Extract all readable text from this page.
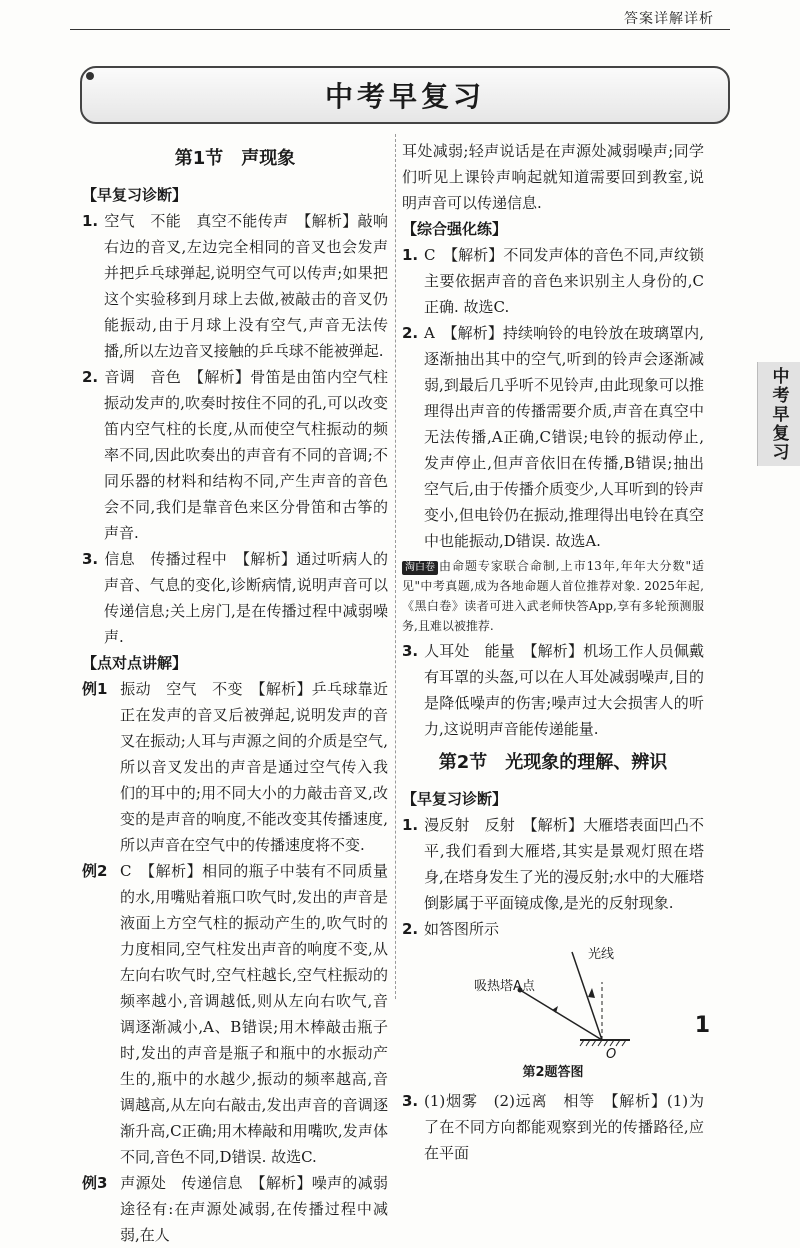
答案详解详析
中考早复习
中考早复习
第1节　声现象
【早复习诊断】
1. 空气　不能　真空不能传声　【解析】敲响右边的音叉,左边完全相同的音叉也会发声并把乒乓球弹起,说明空气可以传声;如果把这个实验移到月球上去做,被敲击的音叉仍能振动,由于月球上没有空气,声音无法传播,所以左边音叉接触的乒乓球不能被弹起.
2. 音调　音色　【解析】骨笛是由笛内空气柱振动发声的,吹奏时按住不同的孔,可以改变笛内空气柱的长度,从而使空气柱振动的频率不同,因此吹奏出的声音有不同的音调;不同乐器的材料和结构不同,产生声音的音色会不同,我们是靠音色来区分骨笛和古筝的声音.
3. 信息　传播过程中　【解析】通过听病人的声音、气息的变化,诊断病情,说明声音可以传递信息;关上房门,是在传播过程中减弱噪声.
【点对点讲解】
例1 振动　空气　不变　【解析】乒乓球靠近正在发声的音叉后被弹起,说明发声的音叉在振动;人耳与声源之间的介质是空气,所以音叉发出的声音是通过空气传入我们的耳中的;用不同大小的力敲击音叉,改变的是声音的响度,不能改变其传播速度,所以声音在空气中的传播速度将不变.
例2 C　【解析】相同的瓶子中装有不同质量的水,用嘴贴着瓶口吹气时,发出的声音是液面上方空气柱的振动产生的,吹气时的力度相同,空气柱发出声音的响度不变,从左向右吹气时,空气柱越长,空气柱振动的频率越小,音调越低,则从左向右吹气,音调逐渐减小,A、B错误;用木棒敲击瓶子时,发出的声音是瓶子和瓶中的水振动产生的,瓶中的水越少,振动的频率越高,音调越高,从左向右敲击,发出声音的音调逐渐升高,C正确;用木棒敲和用嘴吹,发声体不同,音色不同,D错误. 故选C.
例3 声源处　传递信息　【解析】噪声的减弱途径有:在声源处减弱,在传播过程中减弱,在人
耳处减弱;轻声说话是在声源处减弱噪声;同学们听见上课铃声响起就知道需要回到教室,说明声音可以传递信息.
【综合强化练】
1. C　【解析】不同发声体的音色不同,声纹锁主要依据声音的音色来识别主人身份的,C正确. 故选C.
2. A　【解析】持续响铃的电铃放在玻璃罩内,逐渐抽出其中的空气,听到的铃声会逐渐减弱,到最后几乎听不见铃声,由此现象可以推理得出声音的传播需要介质,声音在真空中无法传播,A正确,C错误;电铃的振动停止,发声停止,但声音依旧在传播,B错误;抽出空气后,由于传播介质变少,人耳听到的铃声变小,但电铃仍在振动,推理得出电铃在真空中也能振动,D错误. 故选A.
淘白卷 由命题专家联合命制,上市13年,年年大分数"适见"中考真题,成为各地命题人首位推荐对象. 2025年起,《黑白卷》读者可进入武老师快答App,享有多轮预测服务,且难以被推荐.
3. 人耳处　能量　【解析】机场工作人员佩戴有耳罩的头盔,可以在人耳处减弱噪声,目的是降低噪声的伤害;噪声过大会损害人的听力,这说明声音能传递能量.
第2节　光现象的理解、辨识
【早复习诊断】
1. 漫反射　反射　【解析】大雁塔表面凹凸不平,我们看到大雁塔,其实是景观灯照在塔身,在塔身发生了光的漫反射;水中的大雁塔倒影属于平面镜成像,是光的反射现象.
2. 如答图所示
光线
吸热塔A点
O
第2题答图
3. (1)烟雾　(2)远离　相等　【解析】(1)为了在不同方向都能观察到光的传播路径,应在平面
1
